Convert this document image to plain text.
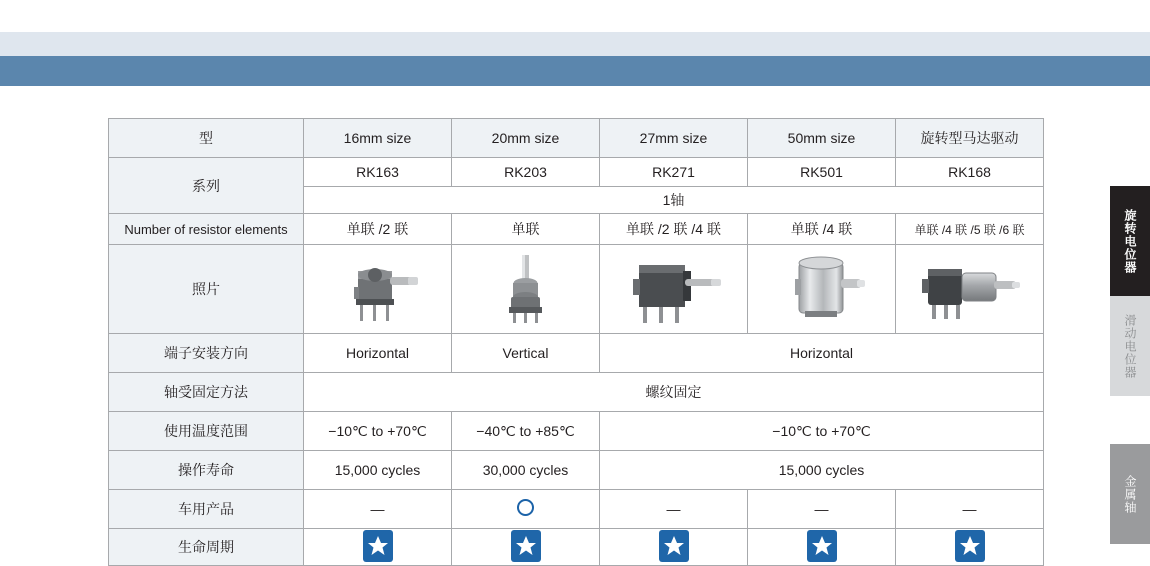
旋转电位器
滑动电位器
金属轴
型	16mm size	20mm size	27mm size	50mm size	旋转型马达驱动
系列	RK163	RK203	RK271	RK501	RK168
	1轴				
Number of resistor elements	单联 /2 联	单联	单联 /2 联 /4 联	单联 /4 联	单联 /4 联 /5 联 /6 联
照片	

端子安装方向	Horizontal	Vertical	Horizontal		
轴受固定方法	螺纹固定				
使用温度范围	−10℃ to +70℃	−40℃ to +85℃	−10℃ to +70℃		
操作寿命	15,000 cycles	30,000 cycles	15,000 cycles		
车用产品	—		—	—	—
生命周期	
